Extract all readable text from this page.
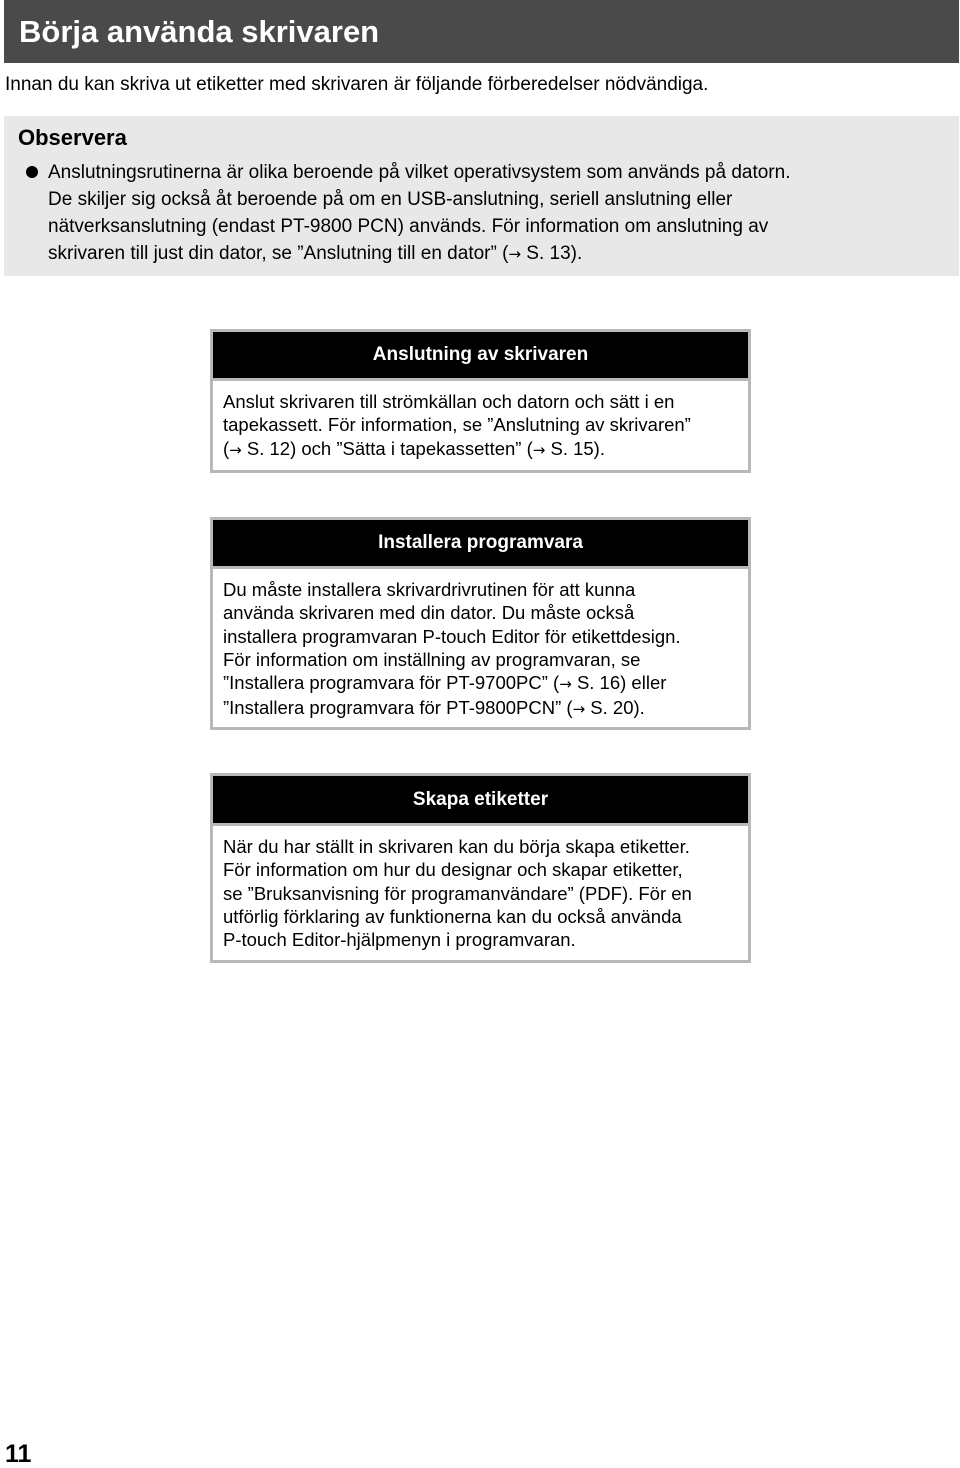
Börja använda skrivaren
Innan du kan skriva ut etiketter med skrivaren är följande förberedelser nödvändiga.
Observera
Anslutningsrutinerna är olika beroende på vilket operativsystem som används på datorn.
De skiljer sig också åt beroende på om en USB-anslutning, seriell anslutning eller
nätverksanslutning (endast PT-9800 PCN) används. För information om anslutning av
skrivaren till just din dator, se ”Anslutning till en dator” (→ S. 13).
Anslutning av skrivaren
Anslut skrivaren till strömkällan och datorn och sätt i en
tapekassett. För information, se ”Anslutning av skrivaren”
(→ S. 12) och ”Sätta i tapekassetten” (→ S. 15).
Installera programvara
Du måste installera skrivardrivrutinen för att kunna
använda skrivaren med din dator. Du måste också
installera programvaran P-touch Editor för etikettdesign.
För information om inställning av programvaran, se
”Installera programvara för PT-9700PC” (→ S. 16) eller
”Installera programvara för PT-9800PCN” (→ S. 20).
Skapa etiketter
När du har ställt in skrivaren kan du börja skapa etiketter.
För information om hur du designar och skapar etiketter,
se ”Bruksanvisning för programanvändare” (PDF). För en
utförlig förklaring av funktionerna kan du också använda
P-touch Editor-hjälpmenyn i programvaran.
11
